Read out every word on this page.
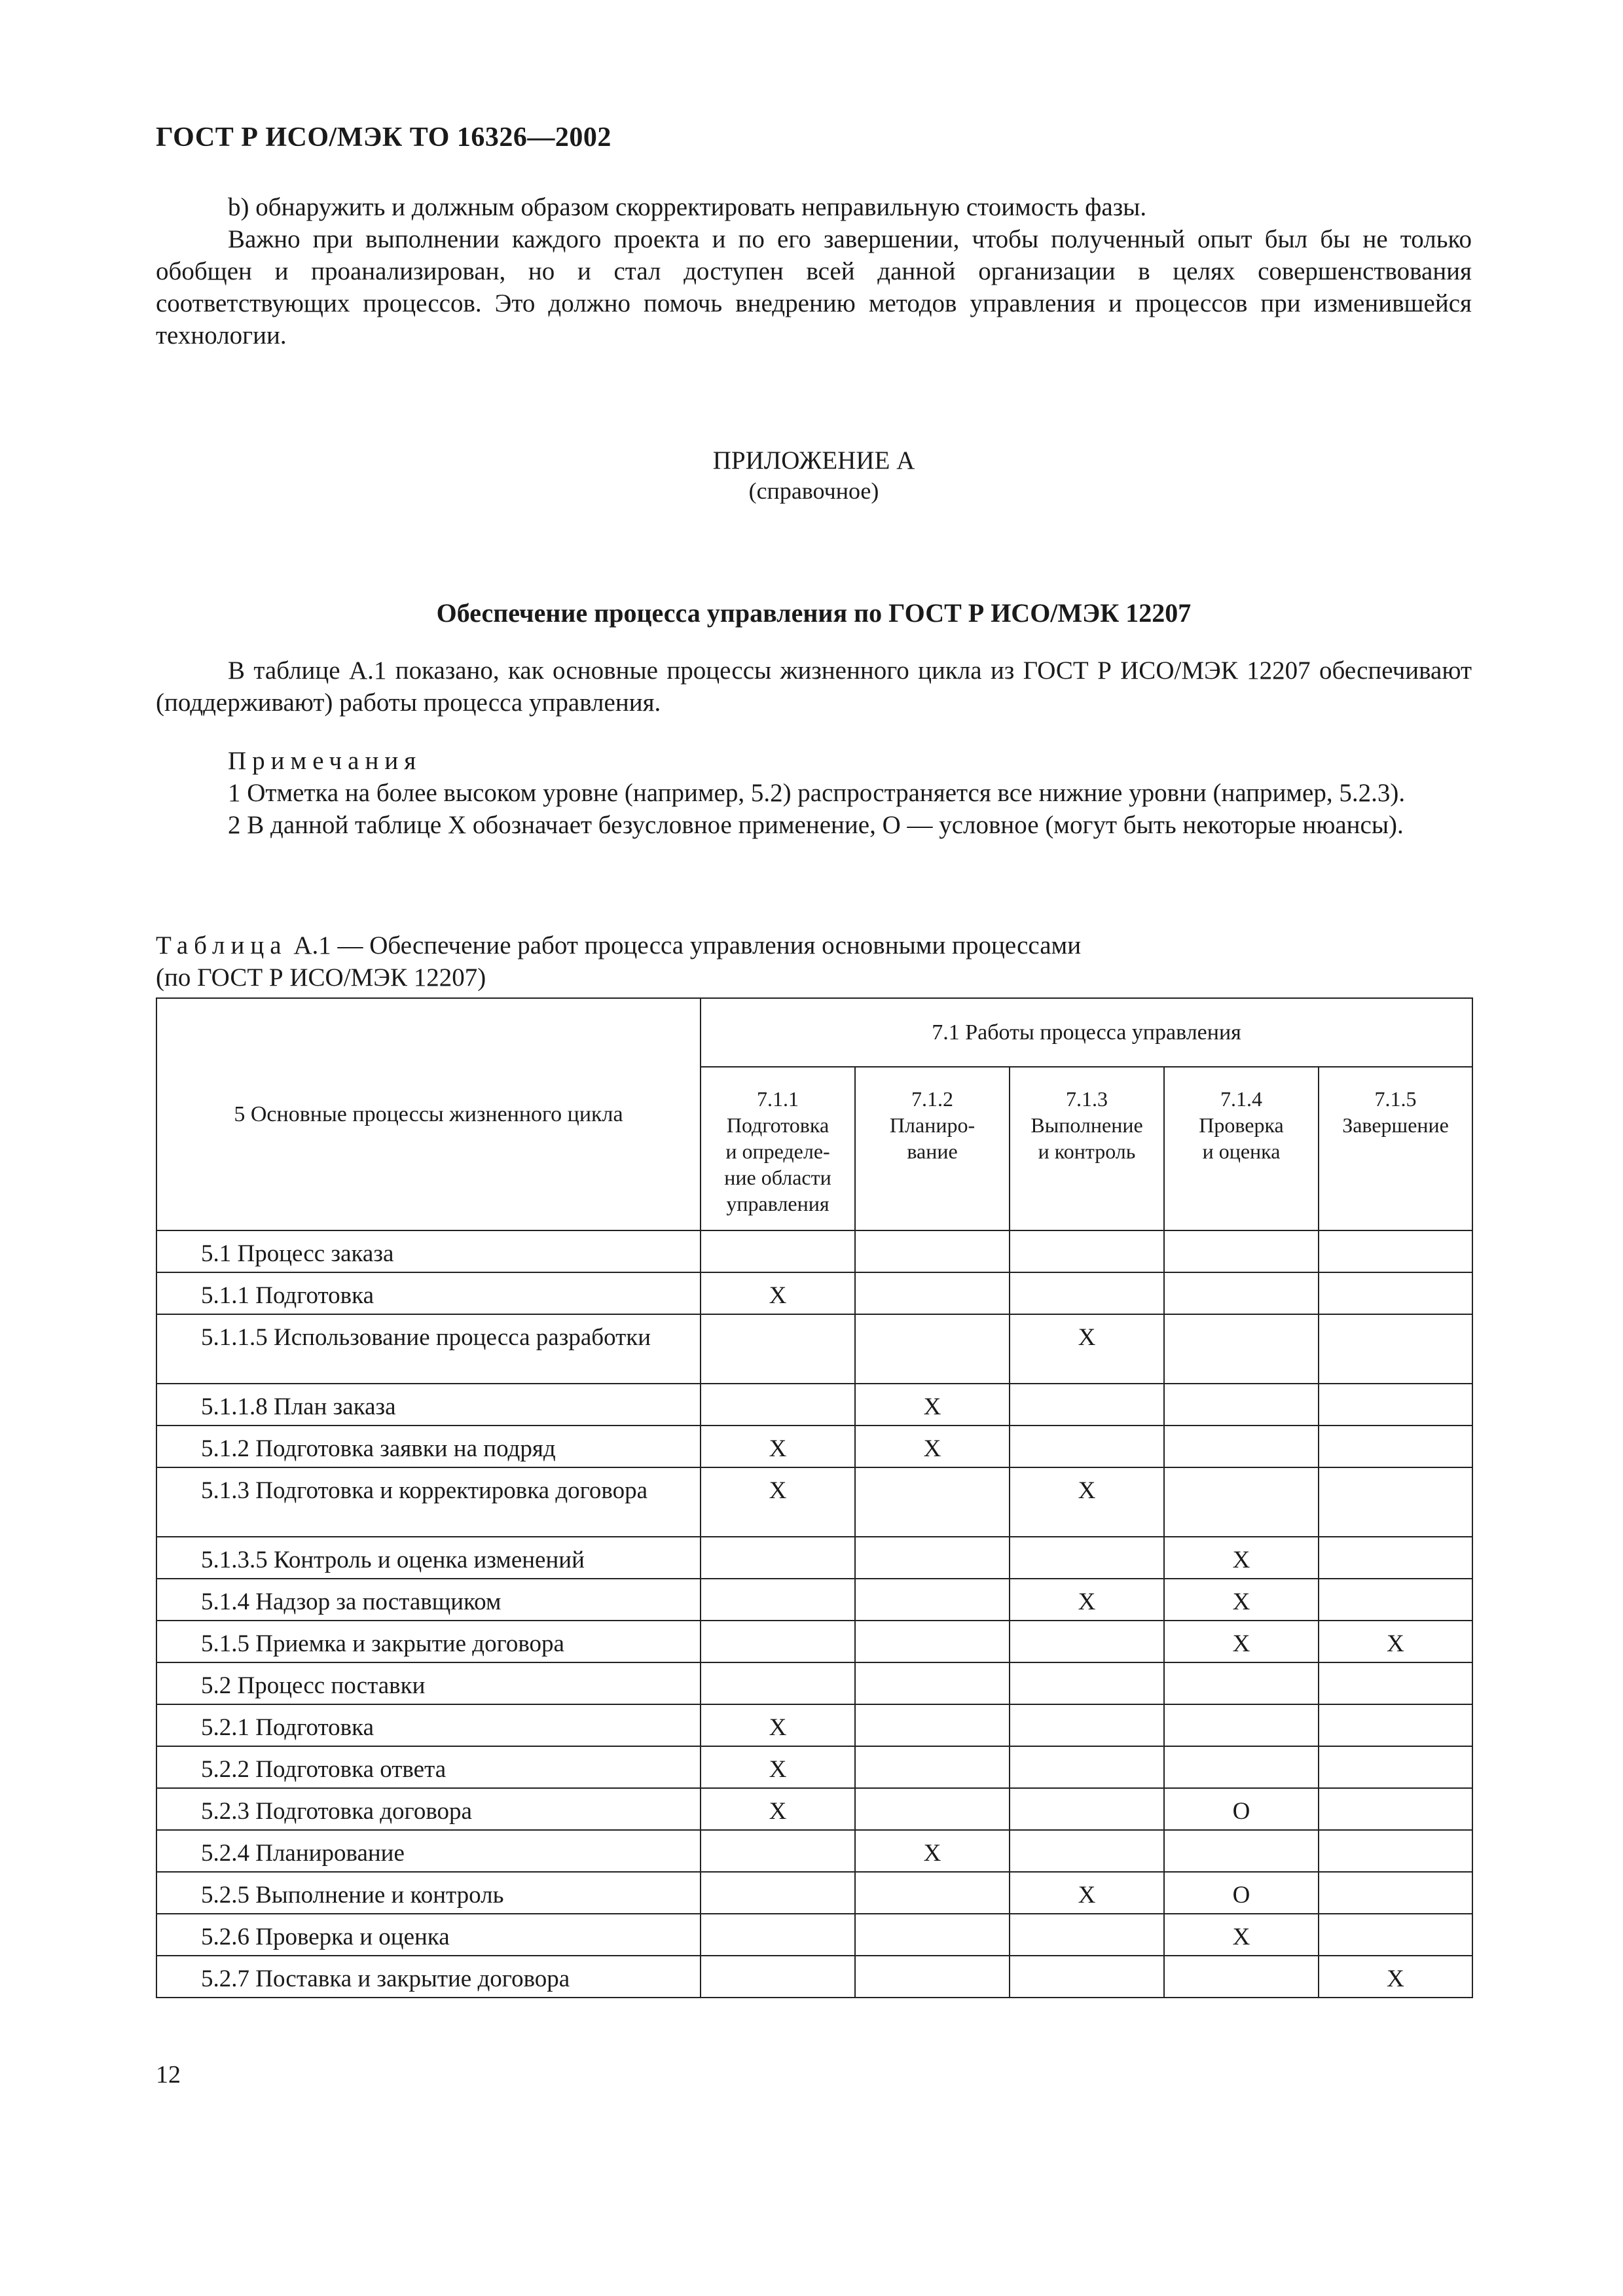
ГОСТ Р ИСО/МЭК ТО 16326—2002

b) обнаружить и должным образом скорректировать неправильную стоимость фазы.

Важно при выполнении каждого проекта и по его завершении, чтобы полученный опыт был бы не только обобщен и проанализирован, но и стал доступен всей данной организации в целях совершенствования соответствующих процессов. Это должно помочь внедрению методов управления и процессов при изменившейся технологии.

ПРИЛОЖЕНИЕ А
(справочное)
Обеспечение процесса управления по ГОСТ Р ИСО/МЭК 12207

В таблице А.1 показано, как основные процессы жизненного цикла из ГОСТ Р ИСО/МЭК 12207 обеспечивают (поддерживают) работы процесса управления.

Примечания

1 Отметка на более высоком уровне (например, 5.2) распространяется все нижние уровни (например, 5.2.3).

2 В данной таблице Х обозначает безусловное применение, О — условное (могут быть некоторые нюансы).

Таблица А.1 — Обеспечение работ процесса управления основными процессами
(по ГОСТ Р ИСО/МЭК 12207)
5 Основные процессы жизненного цикла	7.1 Работы процесса управления				

	7.1.1
Подготовка
и определе-
ние области
управления	7.1.2
Планиро-
вание	7.1.3
Выполнение
и контроль	7.1.4
Проверка
и оценка	7.1.5
Завершение

5.1 Процесс заказа					
5.1.1 Подготовка	X				
5.1.1.5 Использование процесса разработки			X		
5.1.1.8 План заказа		X			
5.1.2 Подготовка заявки на подряд	X	X			
5.1.3 Подготовка и корректировка договора	X		X		
5.1.3.5 Контроль и оценка изменений				X	
5.1.4 Надзор за поставщиком			X	X	
5.1.5 Приемка и закрытие договора				X	X
5.2 Процесс поставки					
5.2.1 Подготовка	X				
5.2.2 Подготовка ответа	X				
5.2.3 Подготовка договора	X			O	
5.2.4 Планирование		X			
5.2.5 Выполнение и контроль			X	O	
5.2.6 Проверка и оценка				X	
5.2.7 Поставка и закрытие договора					X
12
